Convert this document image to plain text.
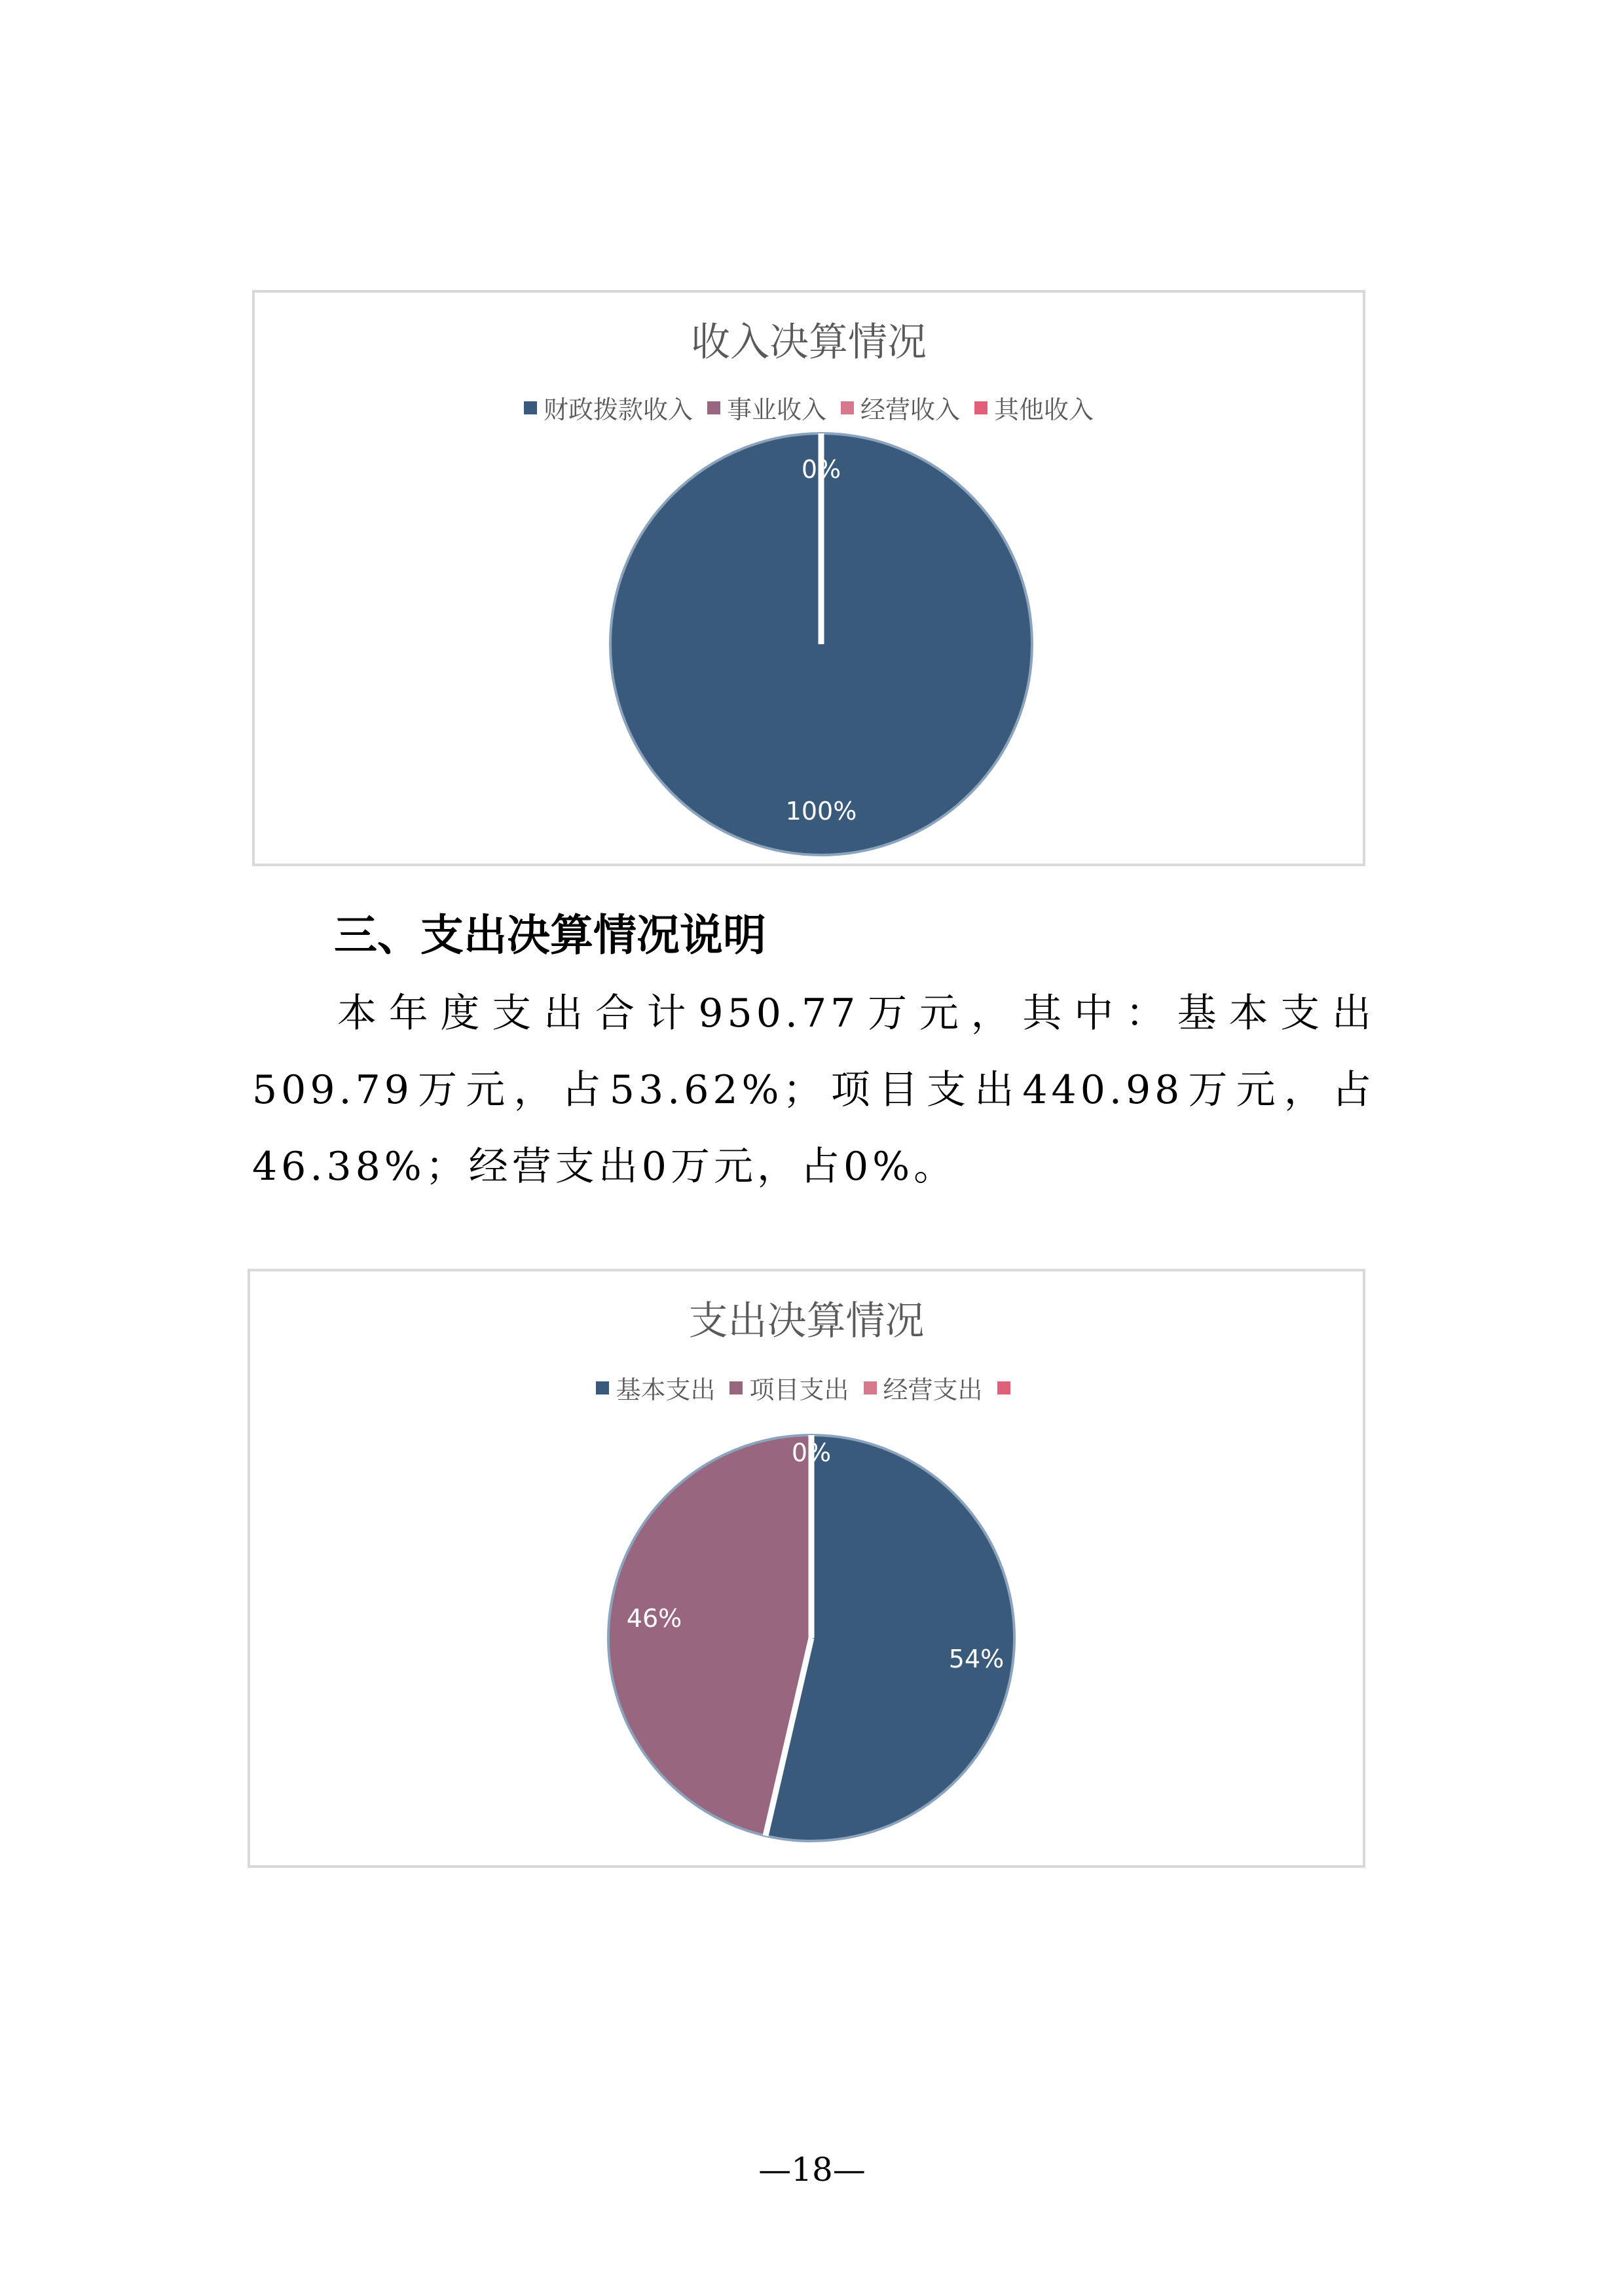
收入决算情况
财政拨款收入 事业收入 经营收入 其他收入
100%
0%
三、支出决算情况说明
本年度支出合计950.77万元，其中：基本支出509.79万元，占53.62%；项目支出440.98万元，占46.38%；经营支出0万元，占0%。
支出决算情况
基本支出 项目支出 经营支出
54%
46%
0%
—18—
